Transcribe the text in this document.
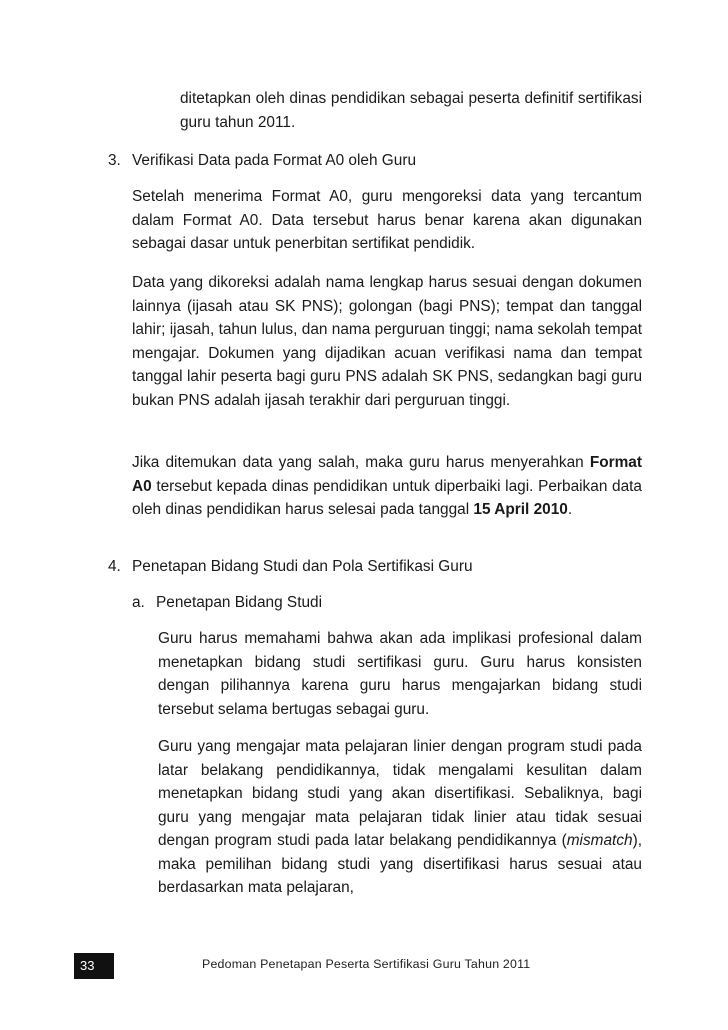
ditetapkan oleh dinas pendidikan sebagai peserta definitif sertifikasi guru tahun 2011.

3. Verifikasi Data pada Format A0 oleh Guru

Setelah menerima Format A0, guru mengoreksi data yang tercantum dalam Format A0. Data tersebut harus benar karena akan digunakan sebagai dasar untuk penerbitan sertifikat pendidik.

Data yang dikoreksi adalah nama lengkap harus sesuai dengan dokumen lainnya (ijasah atau SK PNS); golongan (bagi PNS); tempat dan tanggal lahir; ijasah, tahun lulus, dan nama perguruan tinggi; nama sekolah tempat mengajar. Dokumen yang dijadikan acuan verifikasi nama dan tempat tanggal lahir peserta bagi guru PNS adalah SK PNS, sedangkan bagi guru bukan PNS adalah ijasah terakhir dari perguruan tinggi.

Jika ditemukan data yang salah, maka guru harus menyerahkan Format A0 tersebut kepada dinas pendidikan untuk diperbaiki lagi. Perbaikan data oleh dinas pendidikan harus selesai pada tanggal 15 April 2010.

4. Penetapan Bidang Studi dan Pola Sertifikasi Guru
a. Penetapan Bidang Studi

Guru harus memahami bahwa akan ada implikasi profesional dalam menetapkan bidang studi sertifikasi guru. Guru harus konsisten dengan pilihannya karena guru harus mengajarkan bidang studi tersebut selama bertugas sebagai guru.

Guru yang mengajar mata pelajaran linier dengan program studi pada latar belakang pendidikannya, tidak mengalami kesulitan dalam menetapkan bidang studi yang akan disertifikasi. Sebaliknya, bagi guru yang mengajar mata pelajaran tidak linier atau tidak sesuai dengan program studi pada latar belakang pendidikannya (mismatch), maka pemilihan bidang studi yang disertifikasi harus sesuai atau berdasarkan mata pelajaran,

33	Pedoman Penetapan Peserta Sertifikasi Guru Tahun 2011
